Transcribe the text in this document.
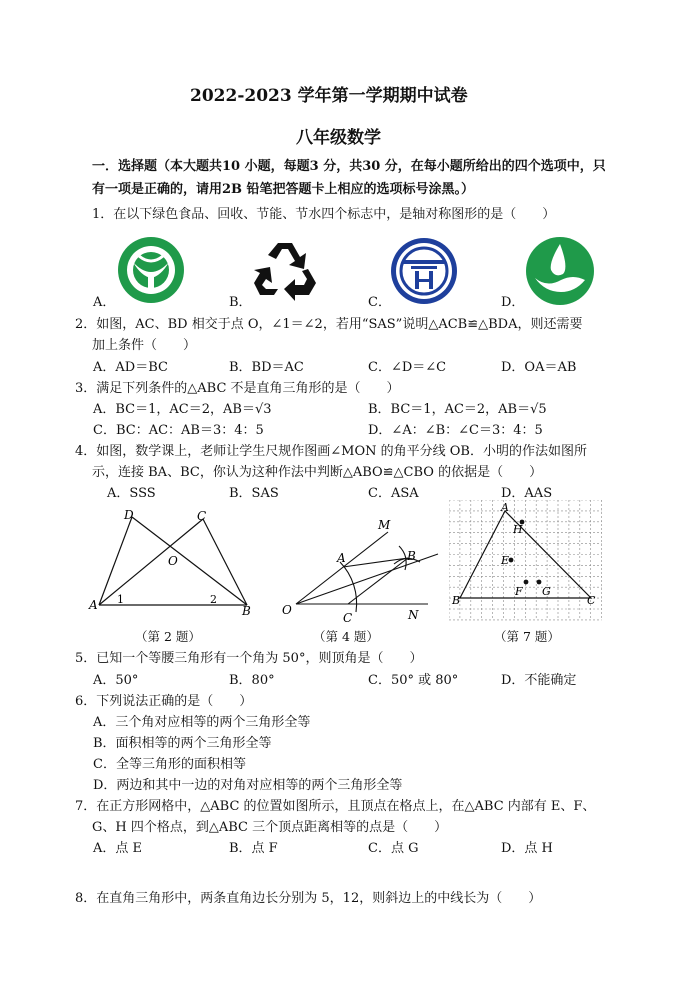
2022-2023 学年第一学期期中试卷
八年级数学
一．选择题（本大题共10 小题，每题3 分，共30 分，在每小题所给出的四个选项中，只
有一项是正确的，请用2B 铅笔把答题卡上相应的选项标号涂黑。）
1．在以下绿色食品、回收、节能、节水四个标志中，是轴对称图形的是（　　）
A．	B．	C．	D．
2．如图，AC、BD 相交于点 O，∠1＝∠2，若用“SAS”说明△ACB≌△BDA，则还需要
加上条件（　　）
A．AD＝BC	B．BD＝AC	C．∠D＝∠C	D．OA＝AB
3．满足下列条件的△ABC 不是直角三角形的是（　　）
A．BC＝1，AC＝2，AB＝√3	B．BC＝1，AC＝2，AB＝√5
C．BC：AC：AB＝3：4：5	D．∠A：∠B：∠C＝3：4：5
4．如图，数学课上，老师让学生尺规作图画∠MON 的角平分线 OB．小明的作法如图所
示，连接 BA、BC，你认为这种作法中判断△ABO≌△CBO 的依据是（　　）
A．SSS	B．SAS	C．ASA	D．AAS
D	C
O
A	B
1	2
（第 2 题）
M
A	B
O
C	N
（第 4 题）
A
H
E
F G
B	C
（第 7 题）
5．已知一个等腰三角形有一个角为 50°，则顶角是（　　）
A．50°	B．80°	C．50° 或 80°	D．不能确定
6．下列说法正确的是（　　）
A．三个角对应相等的两个三角形全等
B．面积相等的两个三角形全等
C．全等三角形的面积相等
D．两边和其中一边的对角对应相等的两个三角形全等
7．在正方形网格中，△ABC 的位置如图所示，且顶点在格点上，在△ABC 内部有 E、F、
G、H 四个格点，到△ABC 三个顶点距离相等的点是（　　）
A．点 E	B．点 F	C．点 G	D．点 H
8．在直角三角形中，两条直角边长分别为 5，12，则斜边上的中线长为（　　）
